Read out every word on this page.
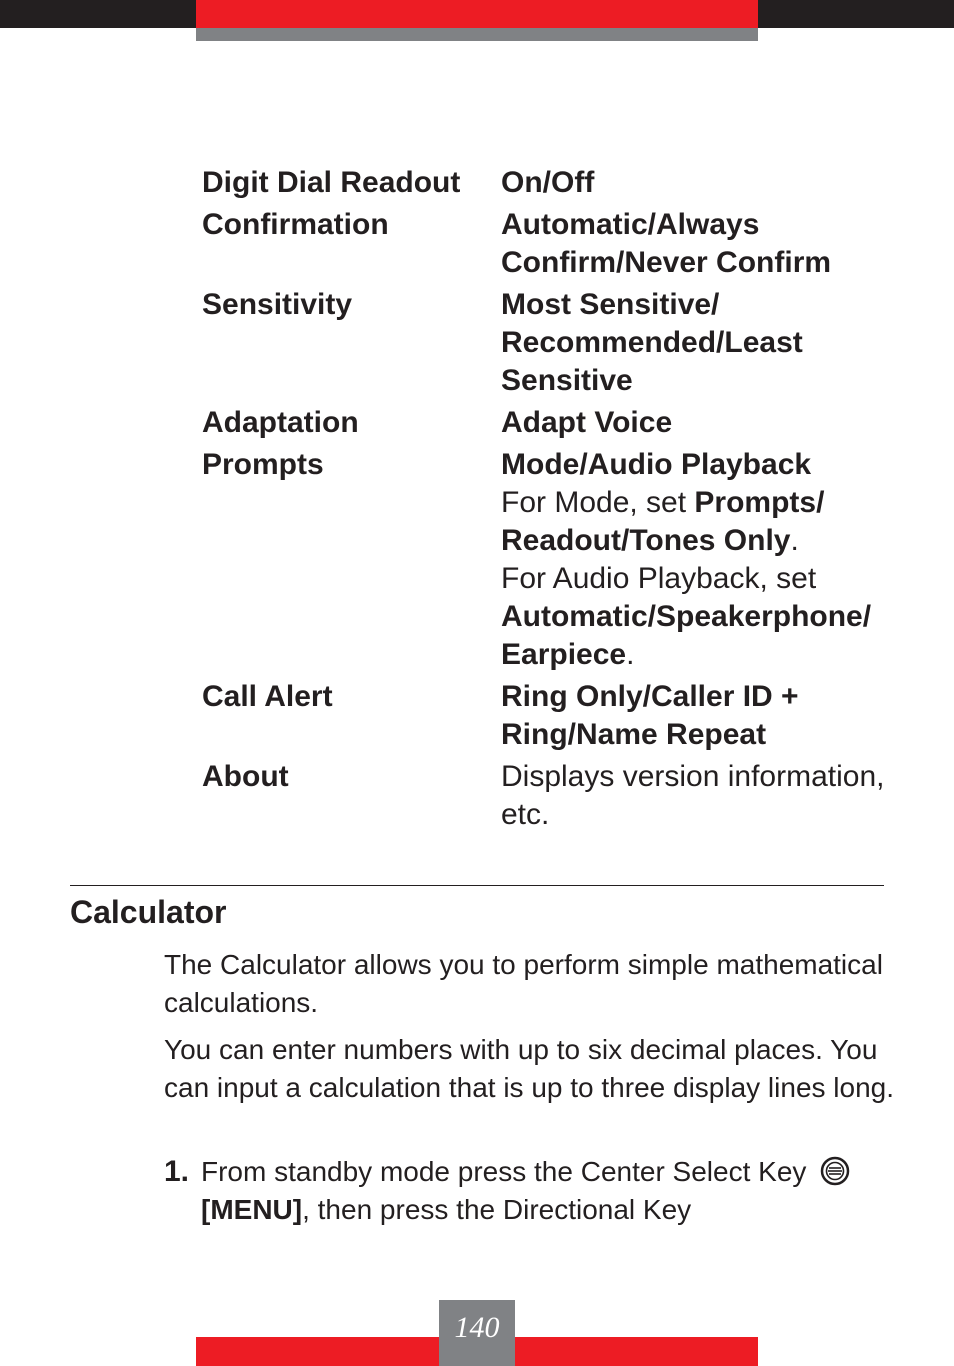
Digit Dial Readout	On/Off
Confirmation	Automatic/Always Confirm/Never Confirm
Sensitivity	Most Sensitive/ Recommended/Least Sensitive
Adaptation	Adapt Voice
Prompts	Mode/Audio Playback
For Mode, set Prompts/ Readout/Tones Only.
For Audio Playback, set Automatic/Speakerphone/ Earpiece.
Call Alert	Ring Only/Caller ID + Ring/Name Repeat
About	Displays version information, etc.
Calculator
The Calculator allows you to perform simple mathematical calculations.
You can enter numbers with up to six decimal places. You can input a calculation that is up to three display lines long.
1. From standby mode press the Center Select Key [MENU], then press the Directional Key
140
